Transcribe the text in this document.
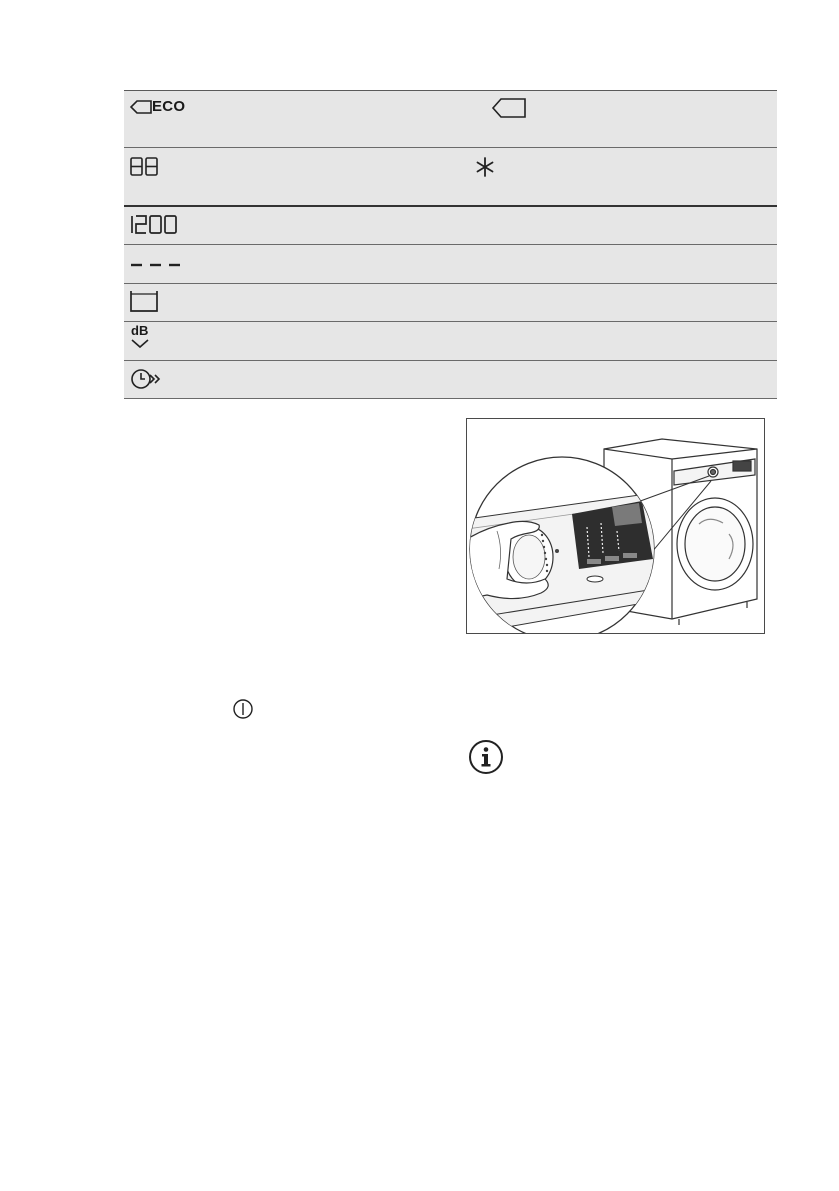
ECO
dB
